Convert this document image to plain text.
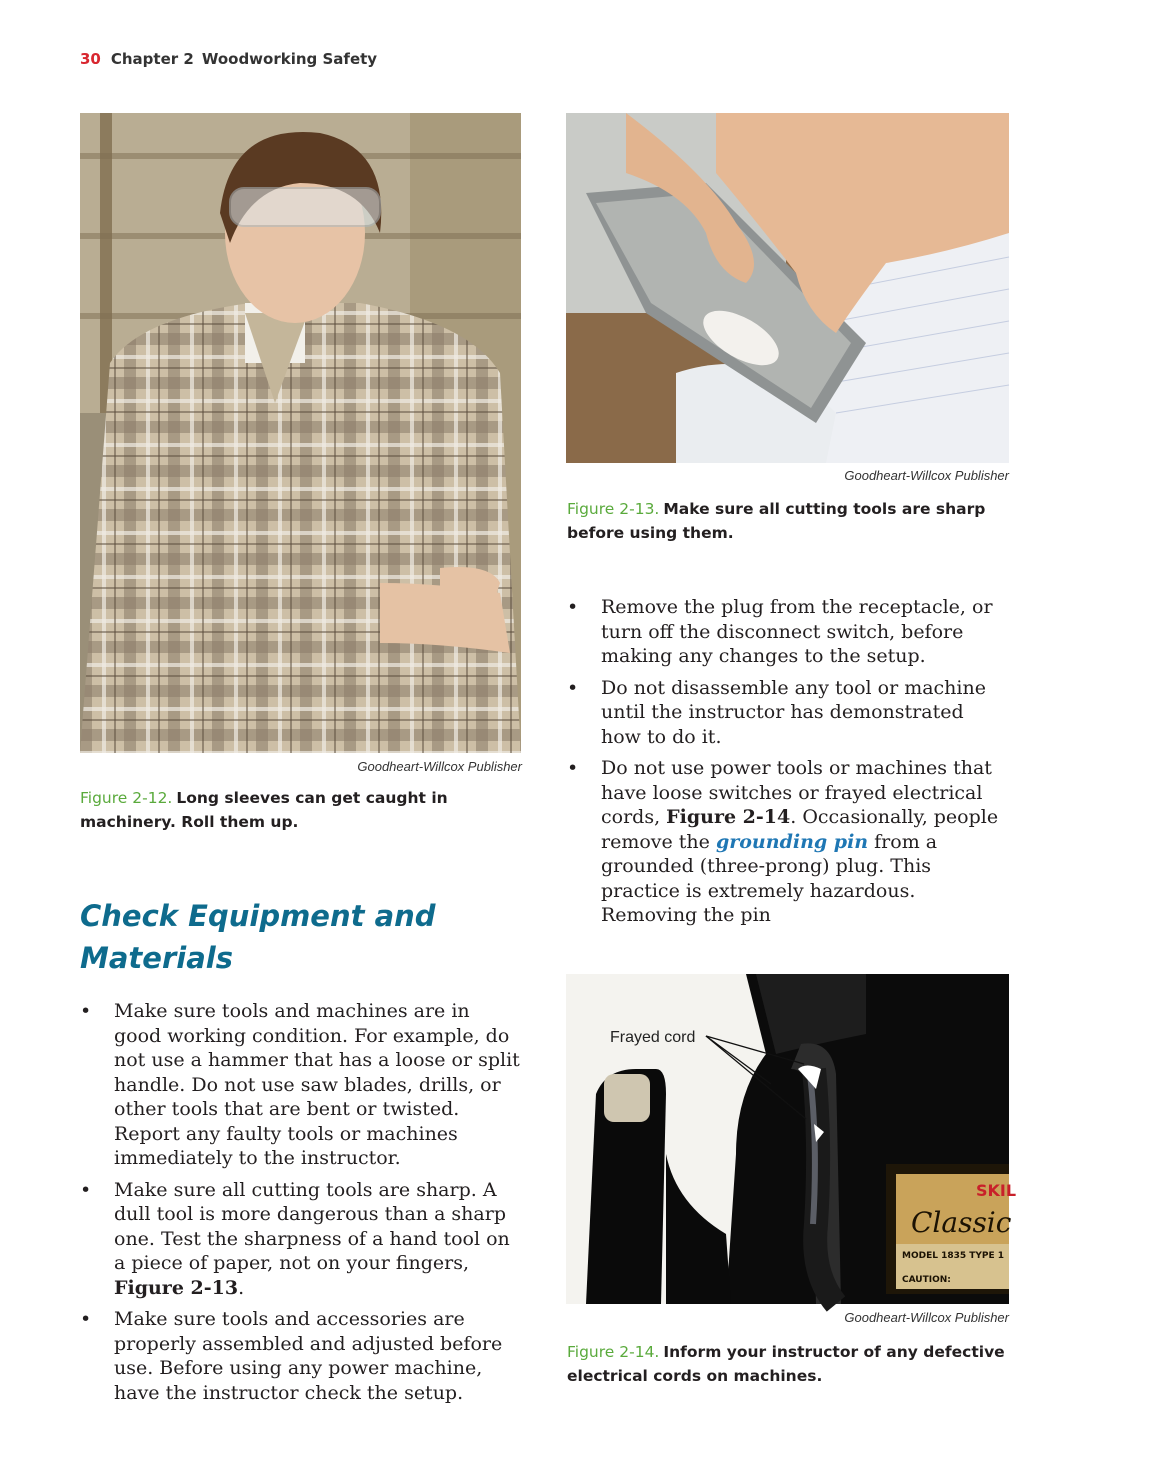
30 Chapter 2 Woodworking Safety
Goodheart-Willcox Publisher
Figure 2-12. Long sleeves can get caught in machinery. Roll them up.
Goodheart-Willcox Publisher
Figure 2-13. Make sure all cutting tools are sharp before using them.
• Remove the plug from the receptacle, or turn off the disconnect switch, before making any changes to the setup.
• Do not disassemble any tool or machine until the instructor has demonstrated how to do it.
• Do not use power tools or machines that have loose switches or frayed electrical cords, Figure 2-14. Occasionally, people remove the grounding pin from a grounded (three-prong) plug. This practice is extremely hazardous. Removing the pin
Check Equipment and Materials
• Make sure tools and machines are in good working condition. For example, do not use a hammer that has a loose or split handle. Do not use saw blades, drills, or other tools that are bent or twisted. Report any faulty tools or machines immediately to the instructor.
• Make sure all cutting tools are sharp. A dull tool is more dangerous than a sharp one. Test the sharpness of a hand tool on a piece of paper, not on your fingers, Figure 2-13.
• Make sure tools and accessories are properly assembled and adjusted before use. Before using any power machine, have the instructor check the setup.
SKIL
Classic
MODEL 1835 TYPE 1
CAUTION:
Frayed cord
Goodheart-Willcox Publisher
Figure 2-14. Inform your instructor of any defective electrical cords on machines.
